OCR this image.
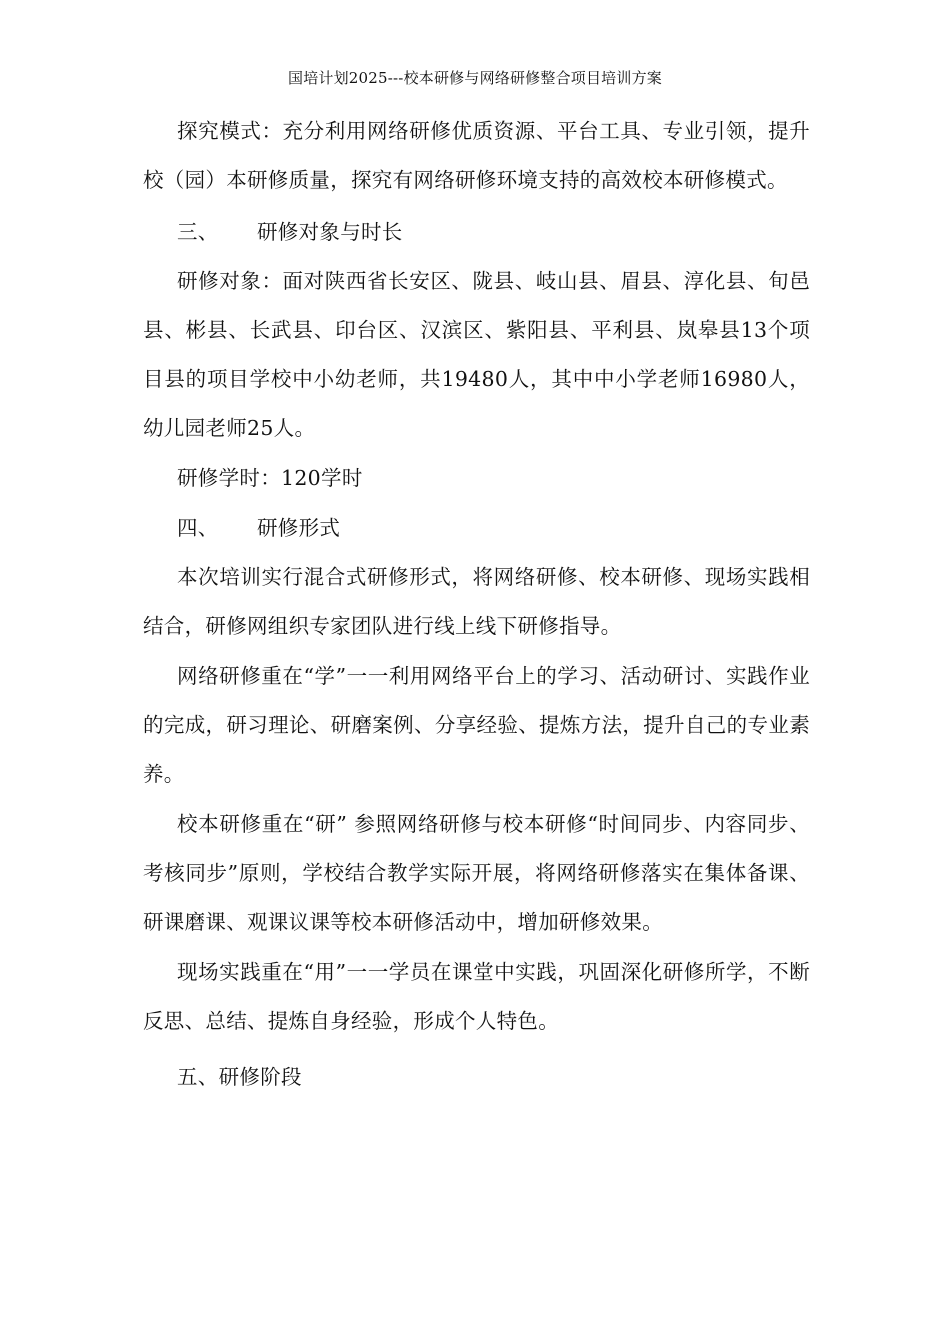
国培计划2025---校本研修与网络研修整合项目培训方案

探究模式：充分利用网络研修优质资源、平台工具、专业引领，提升校（园）本研修质量，探究有网络研修环境支持的高效校本研修模式。

三、 研修对象与时长

研修对象：面对陕西省长安区、陇县、岐山县、眉县、淳化县、旬邑县、彬县、长武县、印台区、汉滨区、紫阳县、平利县、岚皋县13个项目县的项目学校中小幼老师，共19480人，其中中小学老师16980人，幼儿园老师25人。

研修学时：120学时

四、 研修形式

本次培训实行混合式研修形式，将网络研修、校本研修、现场实践相结合，研修网组织专家团队进行线上线下研修指导。

网络研修重在“学”一一利用网络平台上的学习、活动研讨、实践作业的完成，研习理论、研磨案例、分享经验、提炼方法，提升自己的专业素养。

校本研修重在“研” 参照网络研修与校本研修“时间同步、内容同步、考核同步”原则，学校结合教学实际开展，将网络研修落实在集体备课、研课磨课、观课议课等校本研修活动中，增加研修效果。

现场实践重在“用”一一学员在课堂中实践，巩固深化研修所学，不断反思、总结、提炼自身经验，形成个人特色。

五、研修阶段
